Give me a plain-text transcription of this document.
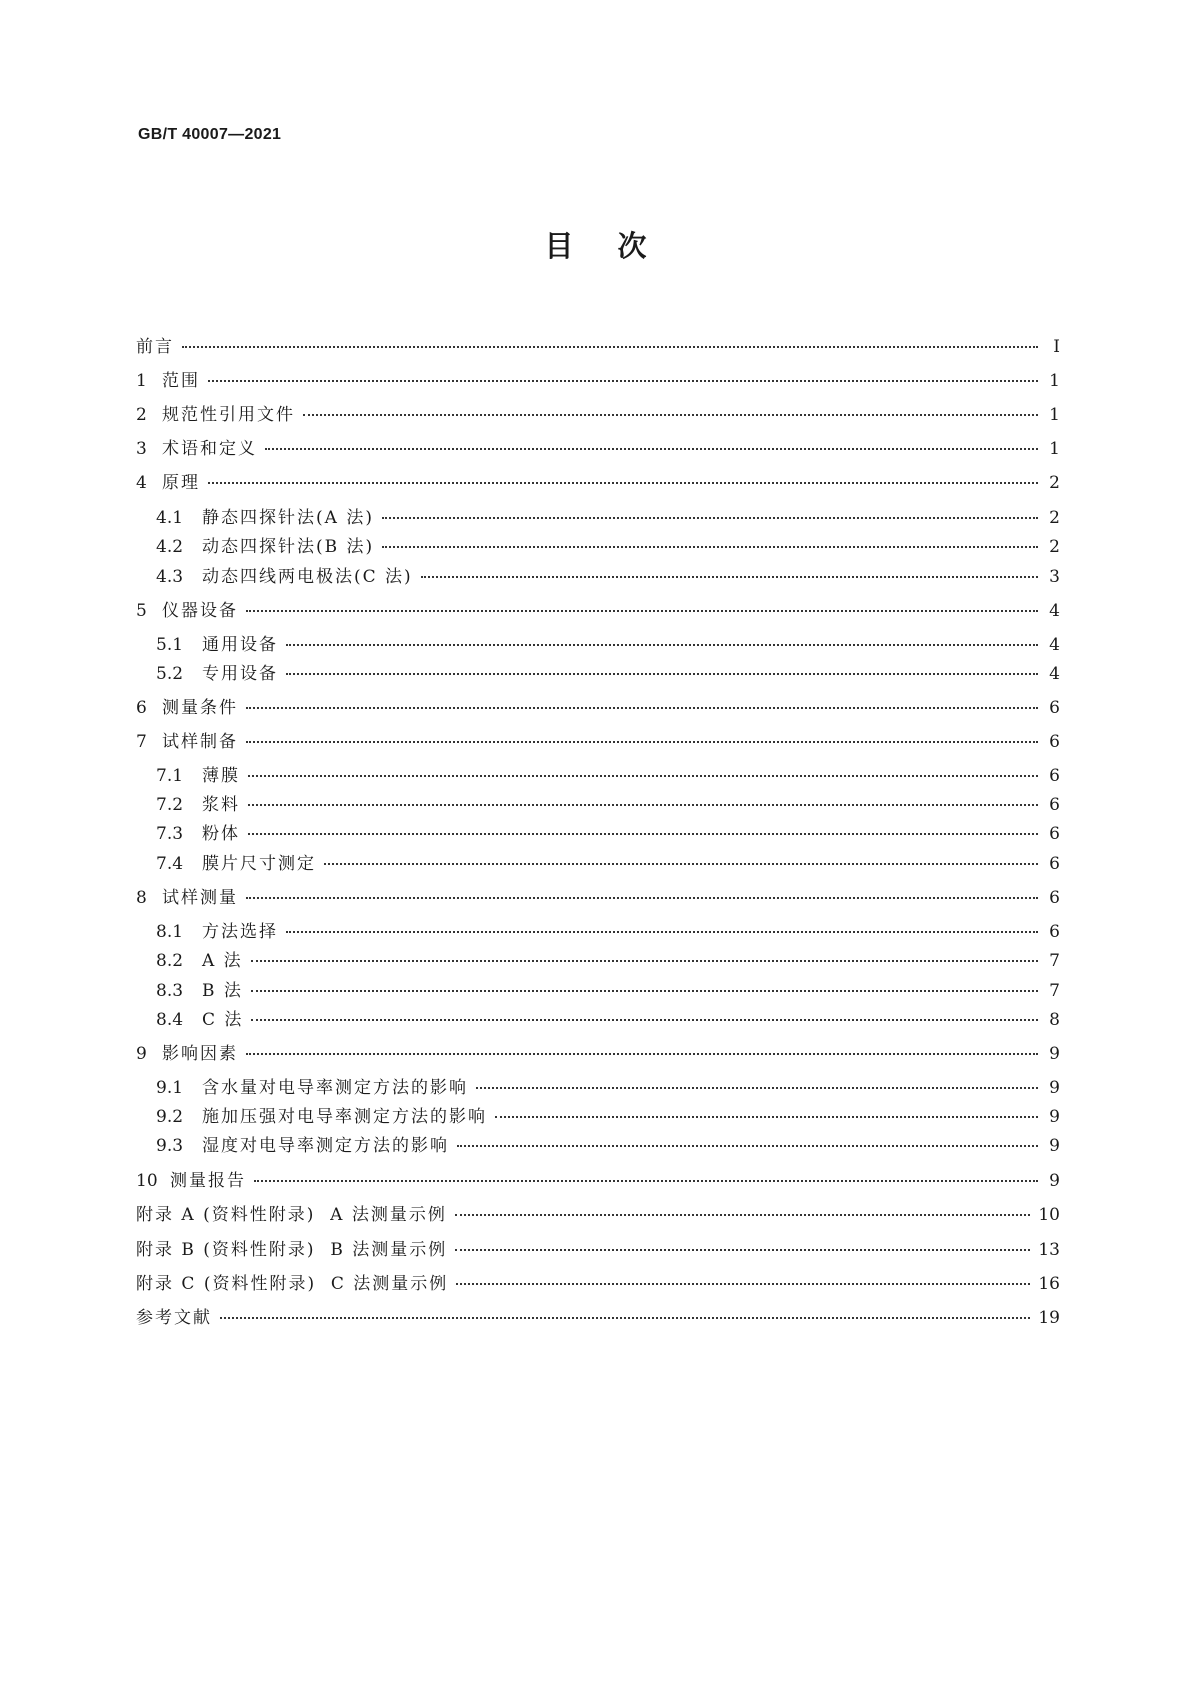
GB/T 40007—2021
目次
前言	Ⅰ
1 范围	1
2 规范性引用文件	1
3 术语和定义	1
4 原理	2
4.1	静态四探针法(A 法)	2
4.2	动态四探针法(B 法)	2
4.3	动态四线两电极法(C 法)	3
5 仪器设备	4
5.1	通用设备	4
5.2	专用设备	4
6 测量条件	6
7 试样制备	6
7.1	薄膜	6
7.2	浆料	6
7.3	粉体	6
7.4	膜片尺寸测定	6
8 试样测量	6
8.1	方法选择	6
8.2	A 法	7
8.3	B 法	7
8.4	C 法	8
9 影响因素	9
9.1	含水量对电导率测定方法的影响	9
9.2	施加压强对电导率测定方法的影响	9
9.3	湿度对电导率测定方法的影响	9
10 测量报告	9
附录 A (资料性附录)  A 法测量示例	10
附录 B (资料性附录)  B 法测量示例	13
附录 C (资料性附录)  C 法测量示例	16
参考文献	19
